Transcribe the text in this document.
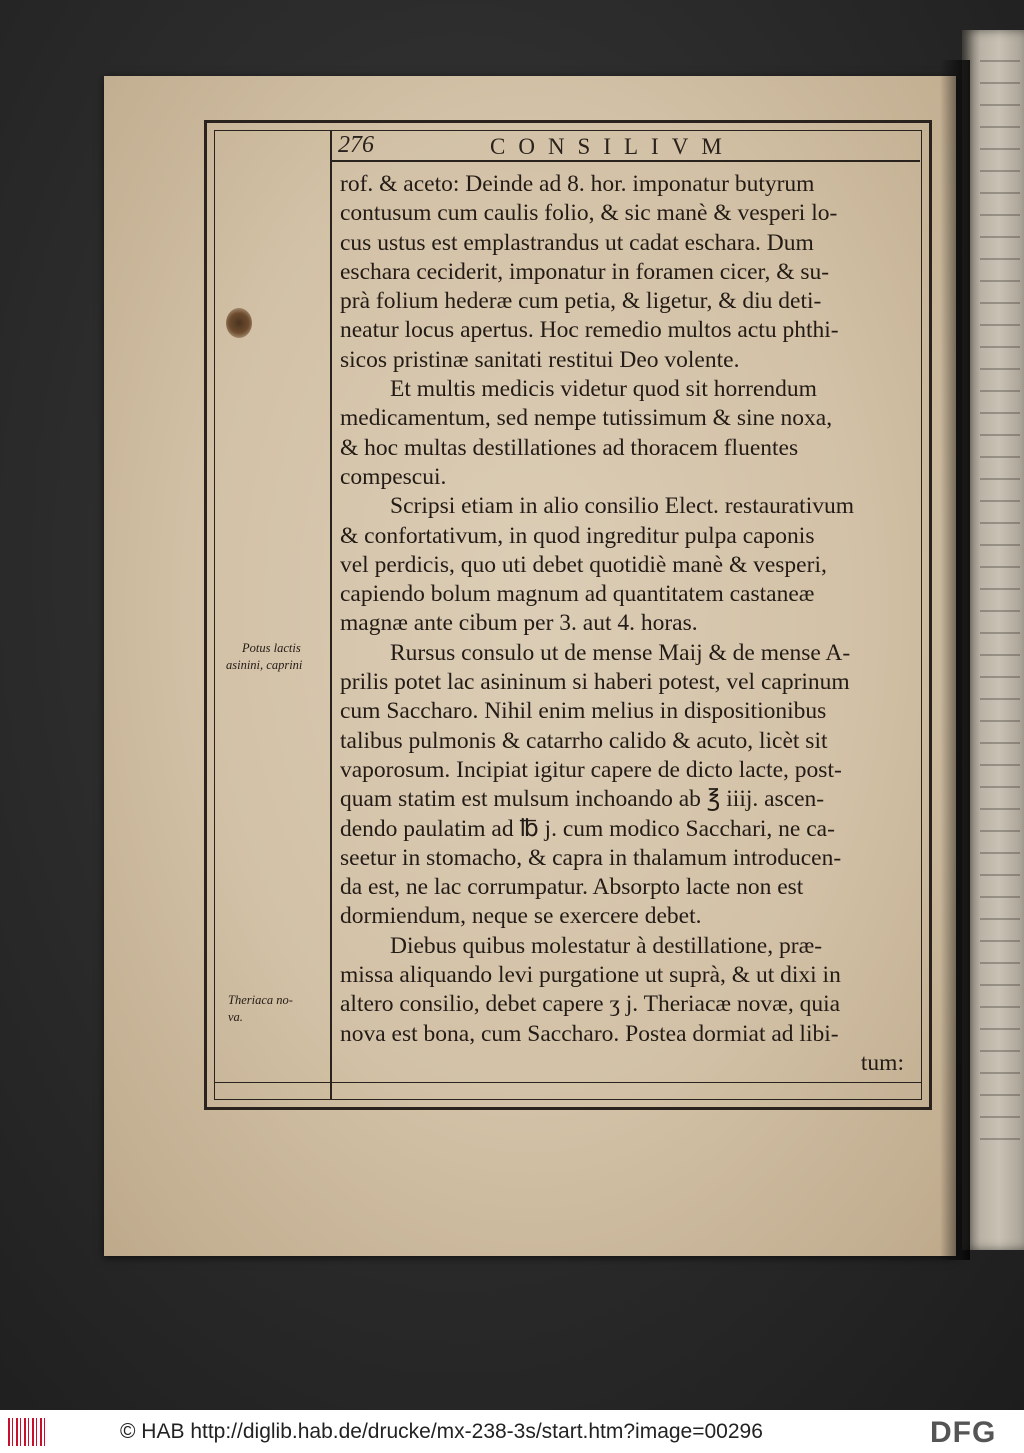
276	CONSILIVM
rof. & aceto: Deinde ad 8. hor. imponatur butyrum
contusum cum caulis folio, & sic manè & vesperi lo-
cus ustus est emplastrandus ut cadat eschara. Dum
eschara ceciderit, imponatur in foramen cicer, & su-
prà folium hederæ cum petia, & ligetur, & diu deti-
neatur locus apertus. Hoc remedio multos actu phthi-
sicos pristinæ sanitati restitui Deo volente.
Et multis medicis videtur quod sit horrendum
medicamentum, sed nempe tutissimum & sine noxa,
& hoc multas destillationes ad thoracem fluentes
compescui.
Scripsi etiam in alio consilio Elect. restaurativum
& confortativum, in quod ingreditur pulpa caponis
vel perdicis, quo uti debet quotidiè manè & vesperi,
capiendo bolum magnum ad quantitatem castaneæ
magnæ ante cibum per 3. aut 4. horas.
Rursus consulo ut de mense Maij & de mense A-
prilis potet lac asininum si haberi potest, vel caprinum
cum Saccharo. Nihil enim melius in dispositionibus
talibus pulmonis & catarrho calido & acuto, licèt sit
vaporosum. Incipiat igitur capere de dicto lacte, post-
quam statim est mulsum inchoando ab ℥ iiij. ascen-
dendo paulatim ad ℔ j. cum modico Sacchari, ne ca-
seetur in stomacho, & capra in thalamum introducen-
da est, ne lac corrumpatur. Absorpto lacte non est
dormiendum, neque se exercere debet.
Diebus quibus molestatur à destillatione, præ-
missa aliquando levi purgatione ut suprà, & ut dixi in
altero consilio, debet capere ʒ j. Theriacæ novæ, quia
nova est bona, cum Saccharo. Postea dormiat ad libi-
tum:
Potus lactis
asinini, caprini
Theriaca no-
va.
© HAB http://diglib.hab.de/drucke/mx-238-3s/start.htm?image=00296	DFG
